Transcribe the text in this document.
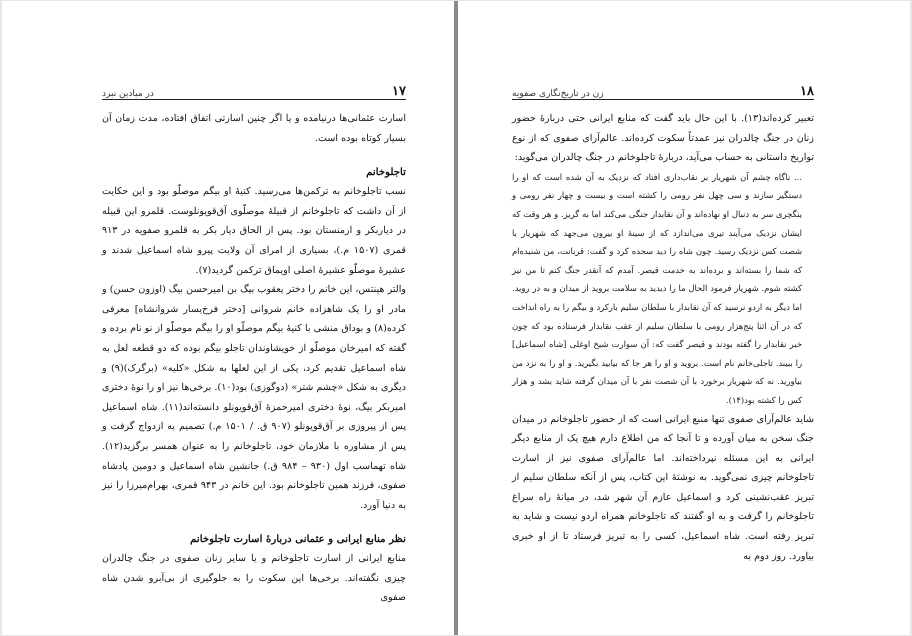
۱۷
در میادین نبرد

اسارت عثمانی‌ها درنیامده و یا اگر چنین اسارتی اتفاق افتاده، مدت زمان آن بسیار کوتاه بوده است.

تاجلوخانم

نسب تاجلوخانم به ترکمن‌ها می‌رسید. کنیهٔ او بیگم موصلّو بود و این حکایت از آن داشت که تاجلوخانم از قبیلهٔ موصلّوی آق‌قویونلوست. قلمرو این قبیله در دیاربکر و ارمنستان بود. پس از الحاق دیار بکر به قلمرو صفویه در ۹۱۳ قمری (۱۵۰۷ م.)، بسیاری از امرای آن ولایت پیرو شاه اسماعیل شدند و عشیرهٔ موصلّو عشیرهٔ اصلی اویماق ترکمن گردید(۷).

والتر هینتس، این خانم را دختر یعقوب بیگ بن امیرحسن بیگ (اوزون حسن) و مادر او را یک شاهزاده خانم شروانی [دختر فرخ‌یسار شروانشاه] معرفی کرده(۸) و بوداق منشی با کنیهٔ بیگم موصلّو او را بیگم موصلّو از نو نام برده و گفته که امیرخان موصلّو از خویشاوندان تاجلو بیگم بوده که دو قطعه لعل به شاه اسماعیل تقدیم کرد، یکی از این لعلها به شکل «کلیه» (برگرک)(۹) و دیگری به شکل «چشم شتر» (دوگوزی) بود(۱۰). برخی‌ها نیز او را نوهٔ دختری امیربکر بیگ، نوهٔ دختری امیرحمزهٔ آق‌قویونلو دانسته‌اند(۱۱). شاه اسماعیل پس از پیروزی بر آق‌قویونلو (۹۰۷ ق. / ۱۵۰۱ م.) تصمیم به ازدواج گرفت و پس از مشاوره با ملازمان خود، تاجلوخانم را به عنوان همسر برگزید(۱۲). شاه تهماسب اول (۹۳۰ – ۹۸۴ ق.) جانشین شاه اسماعیل و دومین پادشاه صفوی، فرزند همین تاجلوخانم بود. این خانم در ۹۴۳ قمری، بهرام‌میرزا را نیز به دنیا آورد.

نظر منابع ایرانی و عثمانی دربارهٔ اسارت تاجلوخانم

منابع ایرانی از اسارت تاجلوخانم و یا سایر زنان صفوی در جنگ چالدران چیزی نگفته‌اند. برخی‌ها این سکوت را به جلوگیری از بی‌آبرو شدن شاه صفوی

۱۸
زن در تاریخ‌نگاری صفویه

تعبیر کرده‌اند(۱۳). با این حال باید گفت که منابع ایرانی حتی دربارهٔ حضور زنان در جنگ چالدران نیز عمدتاً سکوت کرده‌اند. عالم‌آرای صفوی که از نوع تواریخ داستانی به حساب می‌آید، دربارهٔ تاجلوخانم در جنگ چالدران می‌گوید:

... ناگاه چشم آن شهریار بر نقاب‌داری افتاد که نزدیک به آن شده است که او را دستگیر سازند و سی چهل نفر رومی را کشته است و بیست و چهار نفر رومی و ینگچری سر به دنبال او نهاده‌اند و آن نقابدار جنگی می‌کند اما به گریز. و هر وقت که ایشان نزدیک می‌آیند تیری می‌اندازد که از سینهٔ او بیرون می‌جهد که شهریار با شصت کس نزدیک رسید. چون شاه را دید سجده کرد و گفت: قربانت، من شنیده‌ام که شما را بسته‌اند و برده‌اند به خدمت قیصر. آمدم که آنقدر جنگ کنم تا من نیز کشته شوم. شهریار فرمود الحال ما را دیدید به سلامت بروید از میدان و به در روید. اما دیگر به اردو نرسید که آن نقابدار با سلطان سلیم بارکرد و بیگم را به راه انداخت که در آن اثنا پنج‌هزار رومی با سلطان سلیم از عقب نقابدار فرستاده بود که چون خبر نقابدار را گفته بودند و قیصر گفت که: آن سوارت شیخ اوغلی [شاه اسماعیل] را ببیند. تاجلی‌خانم نام است. بروید و او را هر جا که بیابید بگیرید. و او را به نزد من بیاورید. نه که شهریار برخورد با آن شصت نفر با آن میدان گرفته شاید بشد و هزار کس را کشته بود(۱۴).

شاید عالم‌آرای صفوی تنها منبع ایرانی است که از حضور تاجلوخانم در میدان جنگ سخن به میان آورده و تا آنجا که من اطلاع دارم هیچ یک از منابع دیگر ایرانی به این مسئله نپرداخته‌اند. اما عالم‌آرای صفوی نیز از اسارت تاجلوخانم چیزی نمی‌گوید. به نوشتهٔ این کتاب، پس از آنکه سلطان سلیم از تبریز عقب‌نشینی کرد و اسماعیل عازم آن شهر شد، در میانهٔ راه سراغ تاجلوخانم را گرفت و به او گفتند که تاجلوخانم همراه اردو نیست و شاید به تبریز رفته است. شاه اسماعیل، کسی را به تبریز فرستاد تا از او خبری بیاورد. روز دوم به
